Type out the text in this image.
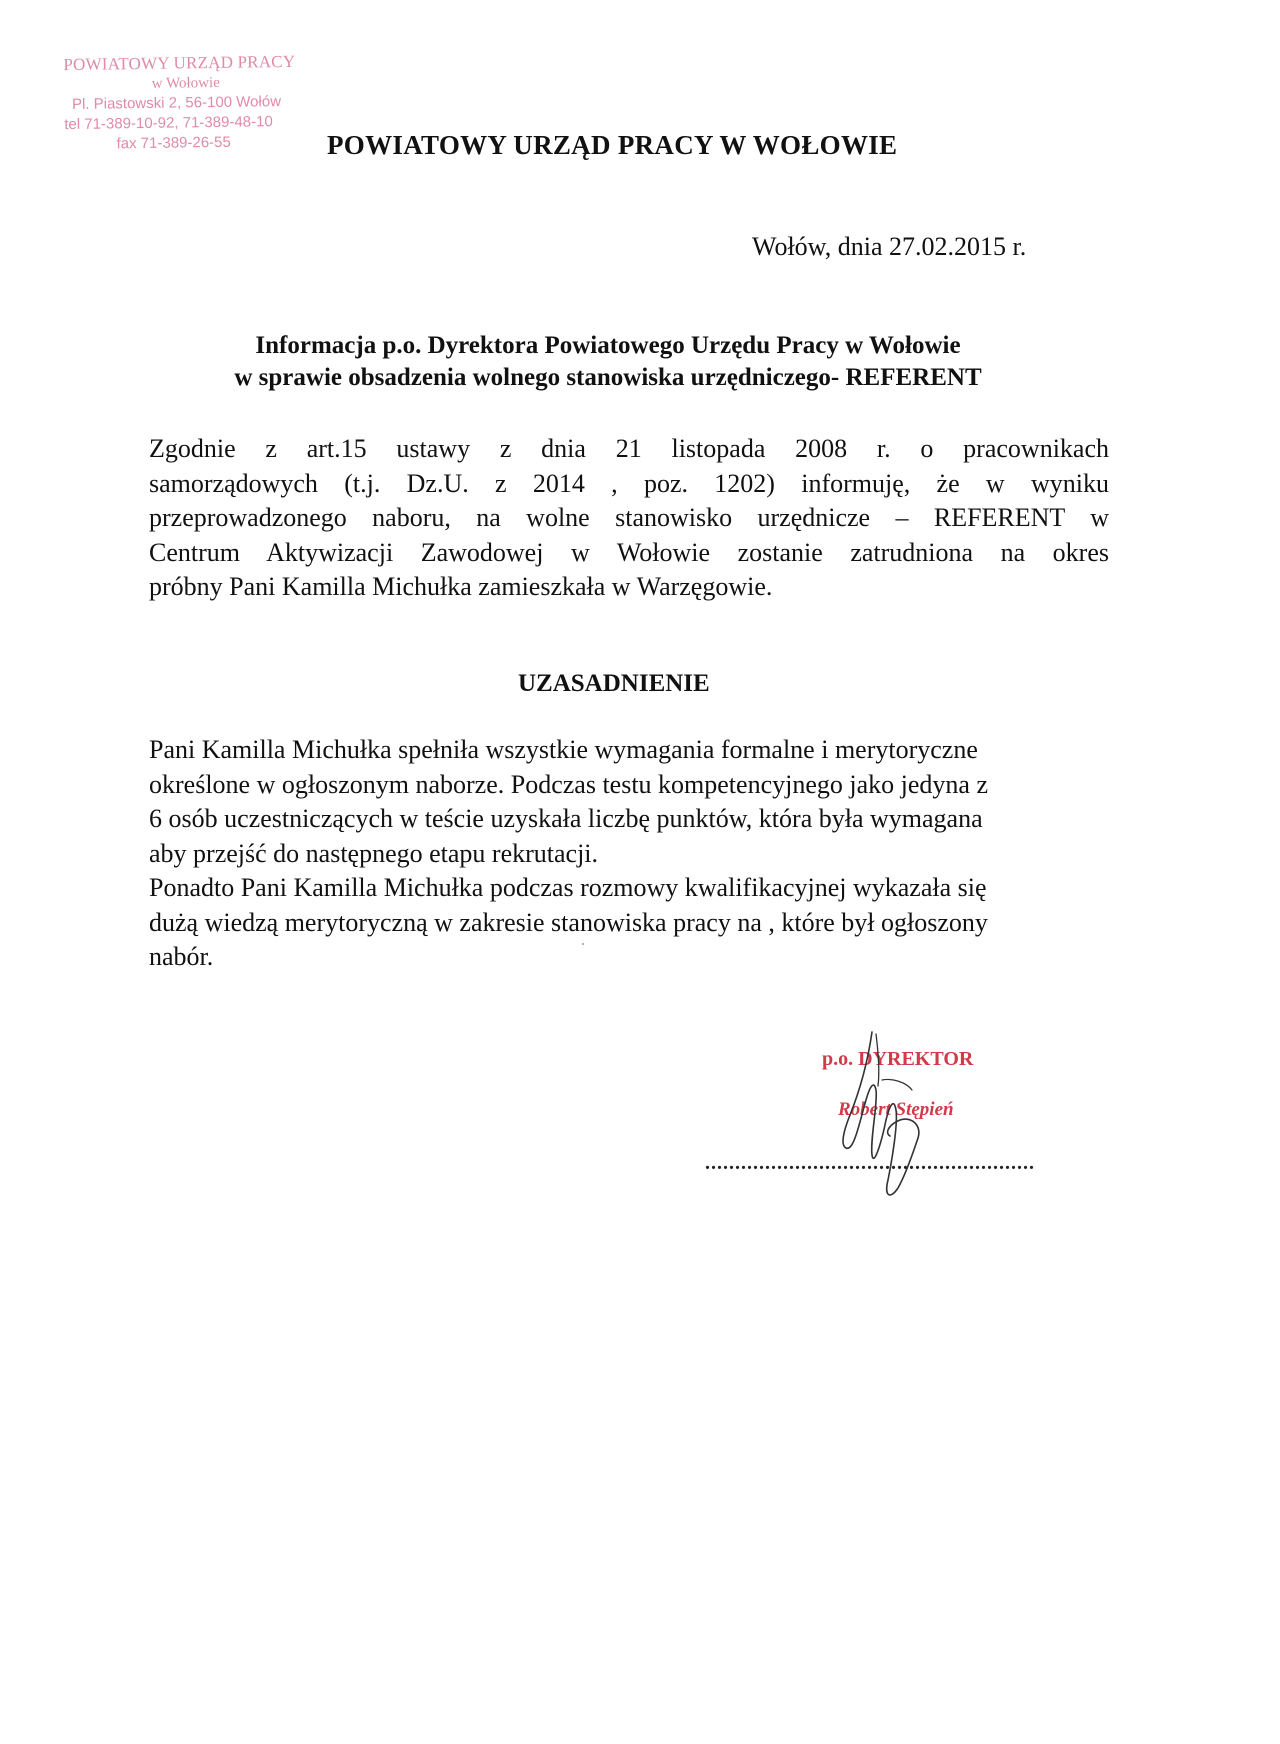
POWIATOWY URZĄD PRACY
w Wołowie
Pl. Piastowski 2, 56-100 Wołów
tel 71-389-10-92, 71-389-48-10
fax 71-389-26-55	POWIATOWY URZĄD PRACY W WOŁOWIE
Wołów, dnia 27.02.2015 r.
Informacja p.o. Dyrektora Powiatowego Urzędu Pracy w Wołowie
w sprawie obsadzenia wolnego stanowiska urzędniczego- REFERENT
Zgodnie z art.15 ustawy z dnia 21 listopada 2008 r. o pracownikach
samorządowych (t.j. Dz.U. z 2014 , poz. 1202) informuję, że w wyniku
przeprowadzonego naboru, na wolne stanowisko urzędnicze – REFERENT w
Centrum Aktywizacji Zawodowej w Wołowie zostanie zatrudniona na okres
próbny Pani Kamilla Michułka zamieszkała w Warzęgowie.
UZASADNIENIE
Pani Kamilla Michułka spełniła wszystkie wymagania formalne i merytoryczne
określone w ogłoszonym naborze. Podczas testu kompetencyjnego jako jedyna z
6 osób uczestniczących w teście uzyskała liczbę punktów, która była wymagana
aby przejść do następnego etapu rekrutacji.
Ponadto Pani Kamilla Michułka podczas rozmowy kwalifikacyjnej wykazała się
dużą wiedzą merytoryczną w zakresie stanowiska pracy na , które był ogłoszony
nabór.
p.o. DYREKTOR
Robert Stępień
.......................................................
